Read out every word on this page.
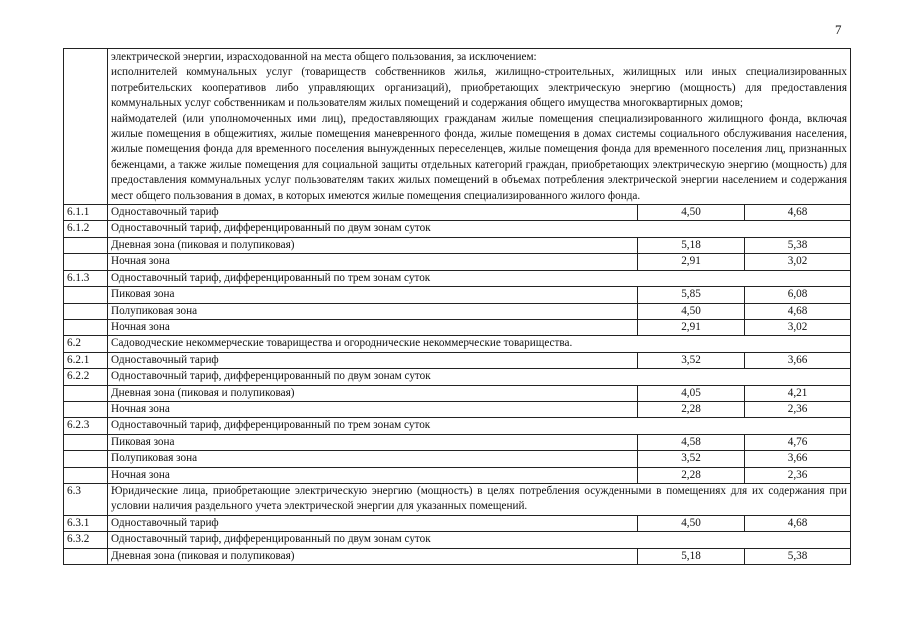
7

	электрической энергии, израсходованной на места общего пользования, за исключением:

исполнителей коммунальных услуг (товариществ собственников жилья, жилищно-строительных, жилищных или иных специализированных потребительских кооперативов либо управляющих организаций), приобретающих электрическую энергию (мощность) для предоставления коммунальных услуг собственникам и пользователям жилых помещений и содержания общего имущества многоквартирных домов;

наймодателей (или уполномоченных ими лиц), предоставляющих гражданам жилые помещения специализированного жилищного фонда, включая жилые помещения в общежитиях, жилые помещения маневренного фонда, жилые помещения в домах системы социального обслуживания населения, жилые помещения фонда для временного поселения вынужденных переселенцев, жилые помещения фонда для временного поселения лиц, признанных беженцами, а также жилые помещения для социальной защиты отдельных категорий граждан, приобретающих электрическую энергию (мощность) для предоставления коммунальных услуг пользователям таких жилых помещений в объемах потребления электрической энергии населением и содержания мест общего пользования в домах, в которых имеются жилые помещения специализированного жилого фонда.		

6.1.1	Одноставочный тариф	4,50	4,68
6.1.2	Одноставочный тариф, дифференцированный по двум зонам суток		
	Дневная зона (пиковая и полупиковая)	5,18	5,38
	Ночная зона	2,91	3,02
6.1.3	Одноставочный тариф, дифференцированный по трем зонам суток		
	Пиковая зона	5,85	6,08
	Полупиковая зона	4,50	4,68
	Ночная зона	2,91	3,02
6.2	Садоводческие некоммерческие товарищества и огороднические некоммерческие товарищества.		
6.2.1	Одноставочный тариф	3,52	3,66
6.2.2	Одноставочный тариф, дифференцированный по двум зонам суток		
	Дневная зона (пиковая и полупиковая)	4,05	4,21
	Ночная зона	2,28	2,36
6.2.3	Одноставочный тариф, дифференцированный по трем зонам суток		
	Пиковая зона	4,58	4,76
	Полупиковая зона	3,52	3,66
	Ночная зона	2,28	2,36
6.3	Юридические лица, приобретающие электрическую энергию (мощность) в целях потребления осужденными в помещениях для их содержания при условии наличия раздельного учета электрической энергии для указанных помещений.		
6.3.1	Одноставочный тариф	4,50	4,68
6.3.2	Одноставочный тариф, дифференцированный по двум зонам суток		
	Дневная зона (пиковая и полупиковая)	5,18	5,38
